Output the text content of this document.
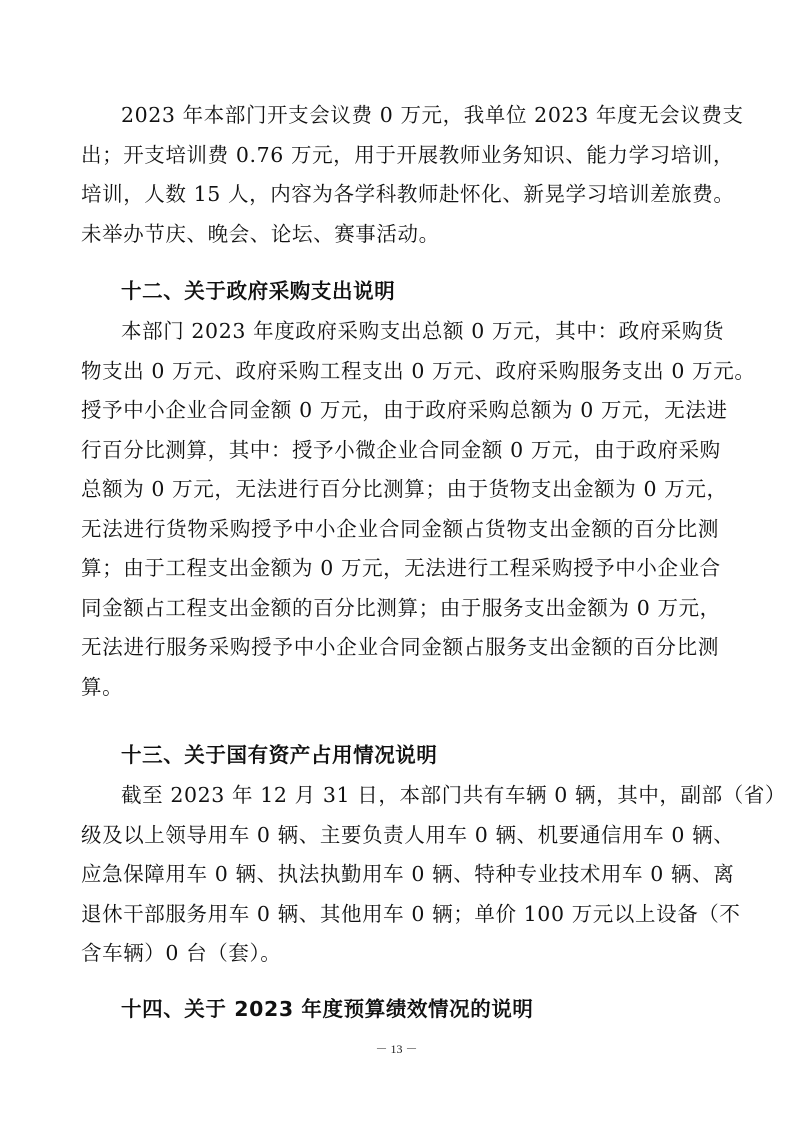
2023 年本部门开支会议费 0 万元，我单位 2023 年度无会议费支
出；开支培训费 0.76 万元，用于开展教师业务知识、能力学习培训，
培训，人数 15 人，内容为各学科教师赴怀化、新晃学习培训差旅费。
未举办节庆、晚会、论坛、赛事活动。
十二、关于政府采购支出说明
本部门 2023 年度政府采购支出总额 0 万元，其中：政府采购货
物支出 0 万元、政府采购工程支出 0 万元、政府采购服务支出 0 万元。
授予中小企业合同金额 0 万元，由于政府采购总额为 0 万元，无法进
行百分比测算，其中：授予小微企业合同金额 0 万元，由于政府采购
总额为 0 万元，无法进行百分比测算；由于货物支出金额为 0 万元，
无法进行货物采购授予中小企业合同金额占货物支出金额的百分比测
算；由于工程支出金额为 0 万元，无法进行工程采购授予中小企业合
同金额占工程支出金额的百分比测算；由于服务支出金额为 0 万元，
无法进行服务采购授予中小企业合同金额占服务支出金额的百分比测
算。
十三、关于国有资产占用情况说明
截至 2023 年 12 月 31 日，本部门共有车辆 0 辆，其中，副部（省）
级及以上领导用车 0 辆、主要负责人用车 0 辆、机要通信用车 0 辆、
应急保障用车 0 辆、执法执勤用车 0 辆、特种专业技术用车 0 辆、离
退休干部服务用车 0 辆、其他用车 0 辆；单价 100 万元以上设备（不
含车辆）0 台（套）。
十四、关于 2023 年度预算绩效情况的说明
－ 13 －
